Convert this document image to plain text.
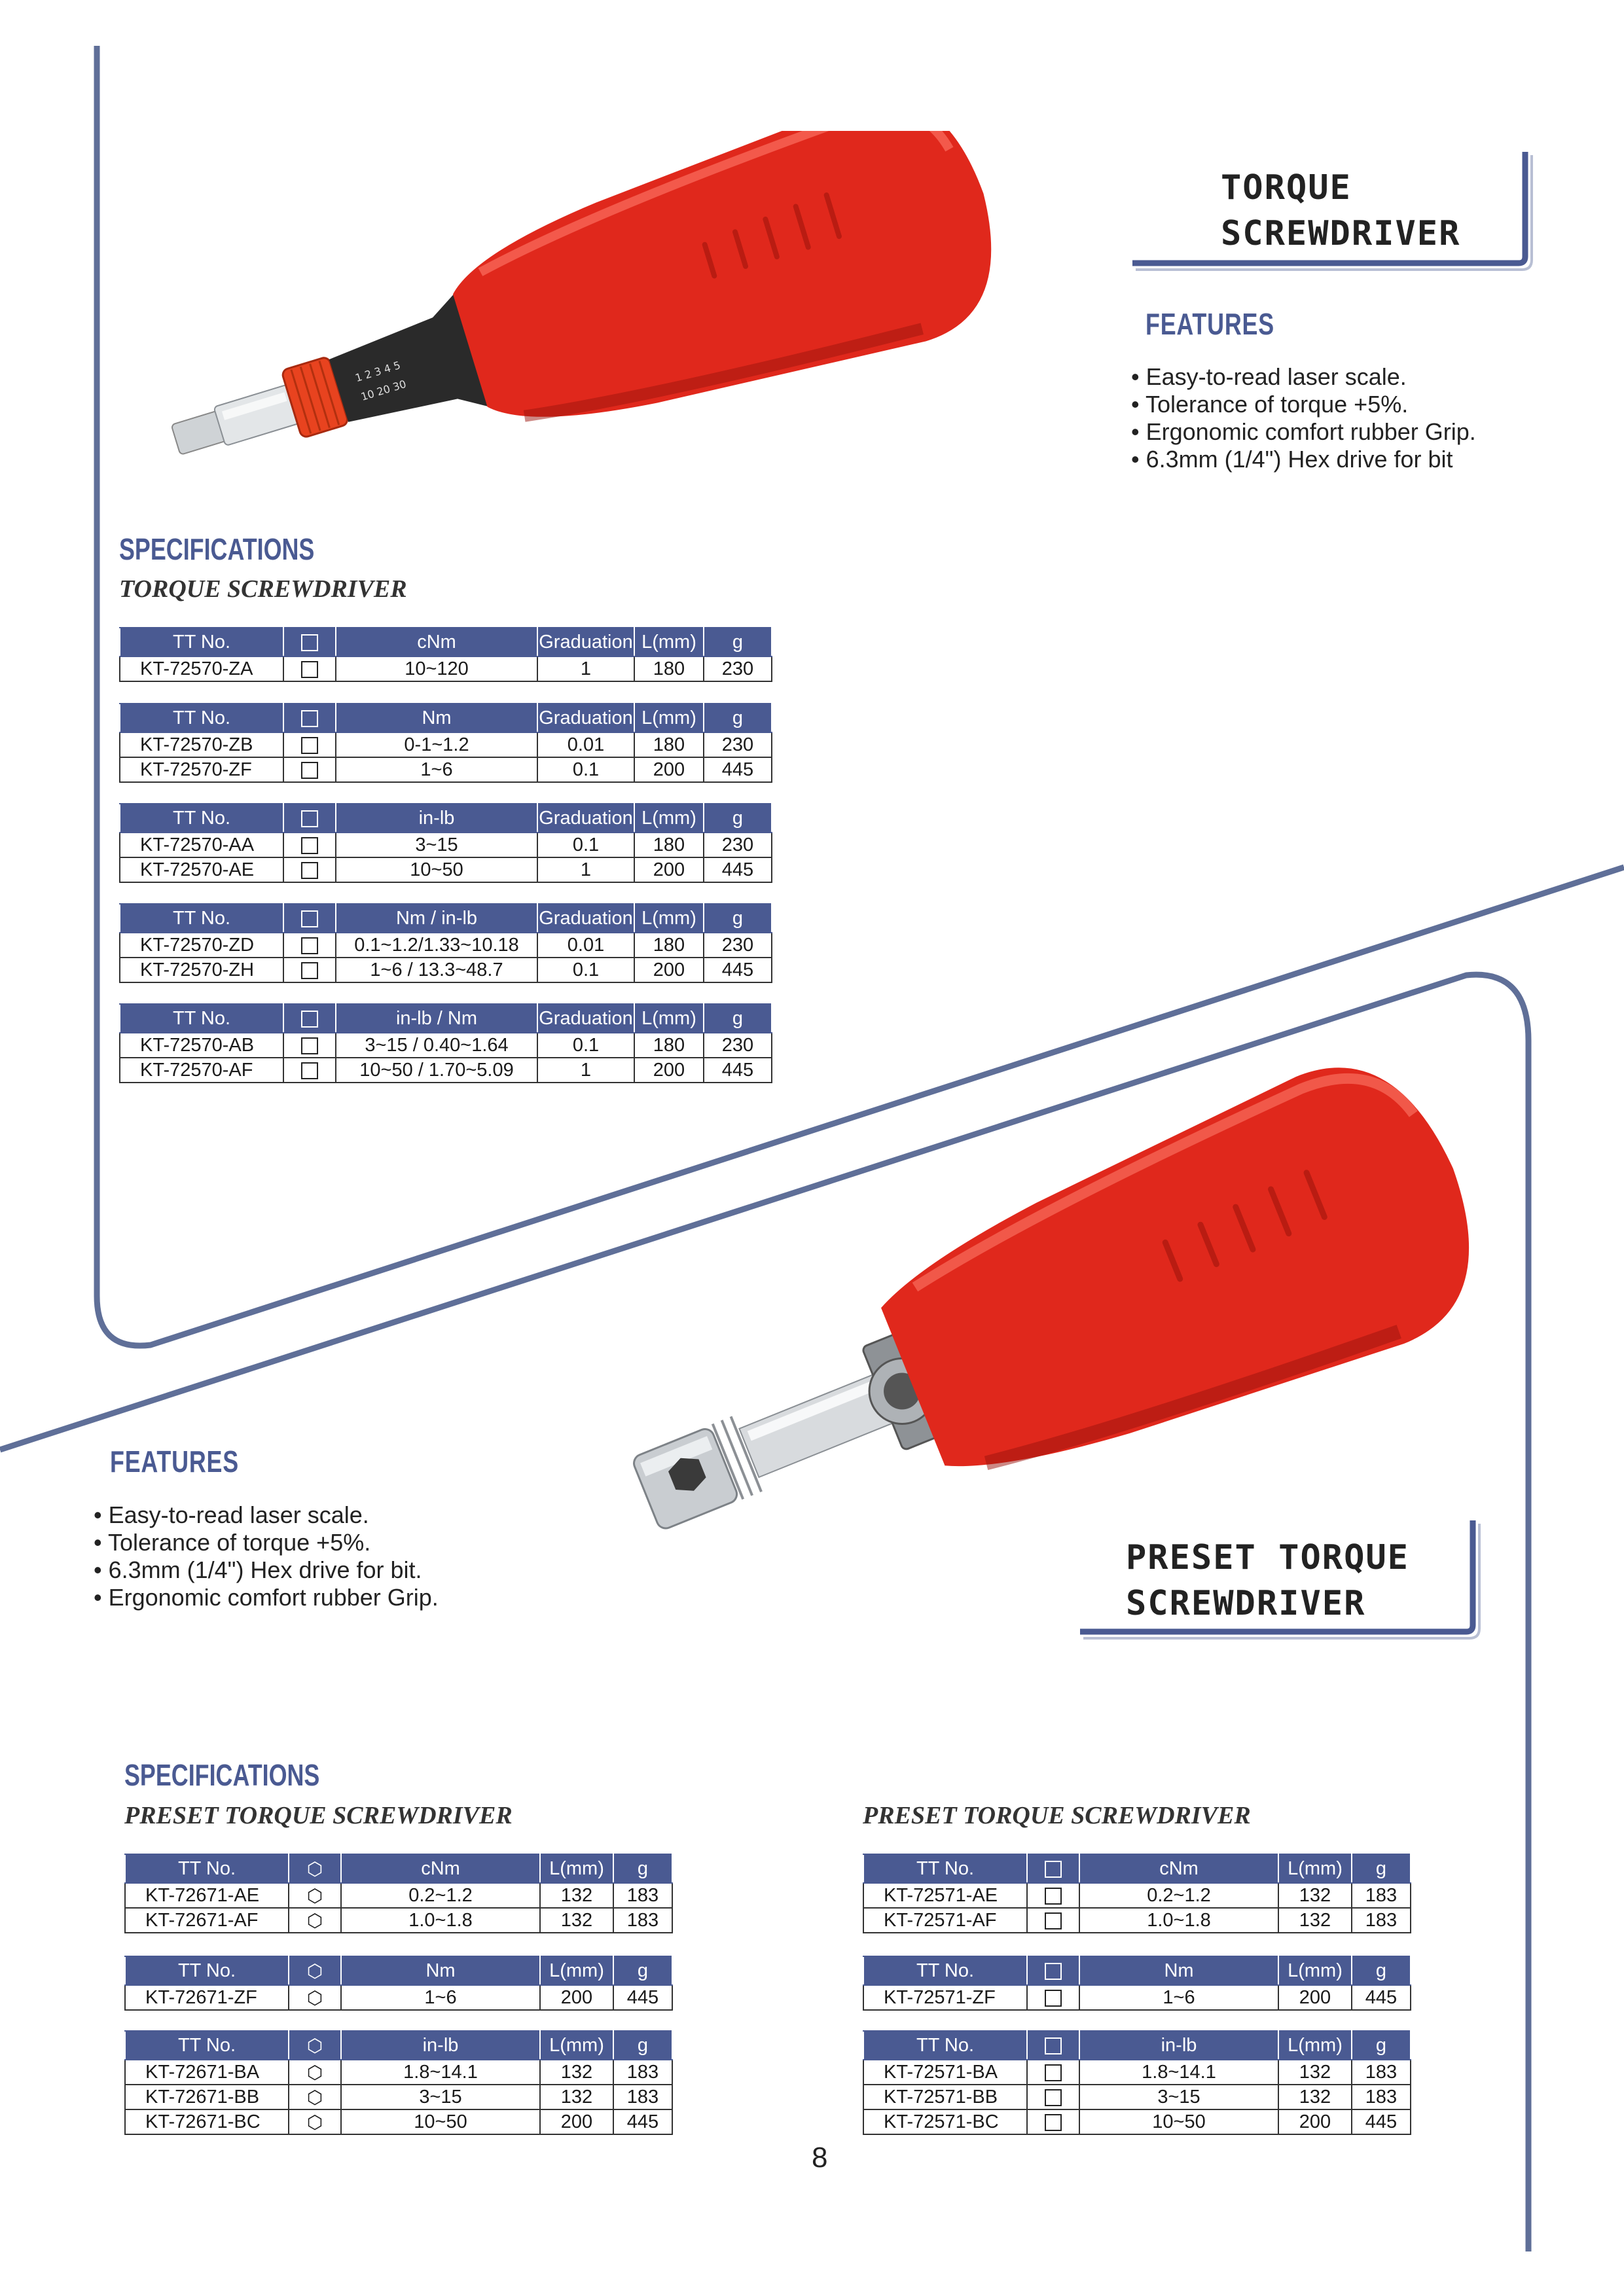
1 2 3 4 5
10 20 30
TORQUE
SCREWDRIVER
FEATURES
• Easy-to-read laser scale.
• Tolerance of torque +5%.
• Ergonomic comfort rubber Grip.
• 6.3mm (1/4") Hex drive for bit
SPECIFICATIONS
TORQUE SCREWDRIVER
TT No.		cNm	Graduation	L(mm)	g
KT-72570-ZA		10~120	1	180	230
TT No.		Nm	Graduation	L(mm)	g
KT-72570-ZB		0-1~1.2	0.01	180	230
KT-72570-ZF		1~6	0.1	200	445
TT No.		in-lb	Graduation	L(mm)	g
KT-72570-AA		3~15	0.1	180	230
KT-72570-AE		10~50	1	200	445
TT No.		Nm / in-lb	Graduation	L(mm)	g
KT-72570-ZD		0.1~1.2/1.33~10.18	0.01	180	230
KT-72570-ZH		1~6 / 13.3~48.7	0.1	200	445
TT No.		in-lb / Nm	Graduation	L(mm)	g
KT-72570-AB		3~15 / 0.40~1.64	0.1	180	230
KT-72570-AF		10~50 / 1.70~5.09	1	200	445
FEATURES
• Easy-to-read laser scale.
• Tolerance of torque +5%.
• 6.3mm (1/4") Hex drive for bit.
• Ergonomic comfort rubber Grip.
PRESET TORQUE
SCREWDRIVER
SPECIFICATIONS
PRESET TORQUE SCREWDRIVER	PRESET TORQUE SCREWDRIVER
TT No.	⬡	cNm	L(mm)	g
KT-72671-AE	⬡	0.2~1.2	132	183
KT-72671-AF	⬡	1.0~1.8	132	183
TT No.	⬡	Nm	L(mm)	g
KT-72671-ZF	⬡	1~6	200	445
TT No.	⬡	in-lb	L(mm)	g
KT-72671-BA	⬡	1.8~14.1	132	183
KT-72671-BB	⬡	3~15	132	183
KT-72671-BC	⬡	10~50	200	445
TT No.		cNm	L(mm)	g
KT-72571-AE		0.2~1.2	132	183
KT-72571-AF		1.0~1.8	132	183
TT No.		Nm	L(mm)	g
KT-72571-ZF		1~6	200	445
TT No.		in-lb	L(mm)	g
KT-72571-BA		1.8~14.1	132	183
KT-72571-BB		3~15	132	183
KT-72571-BC		10~50	200	445
8
